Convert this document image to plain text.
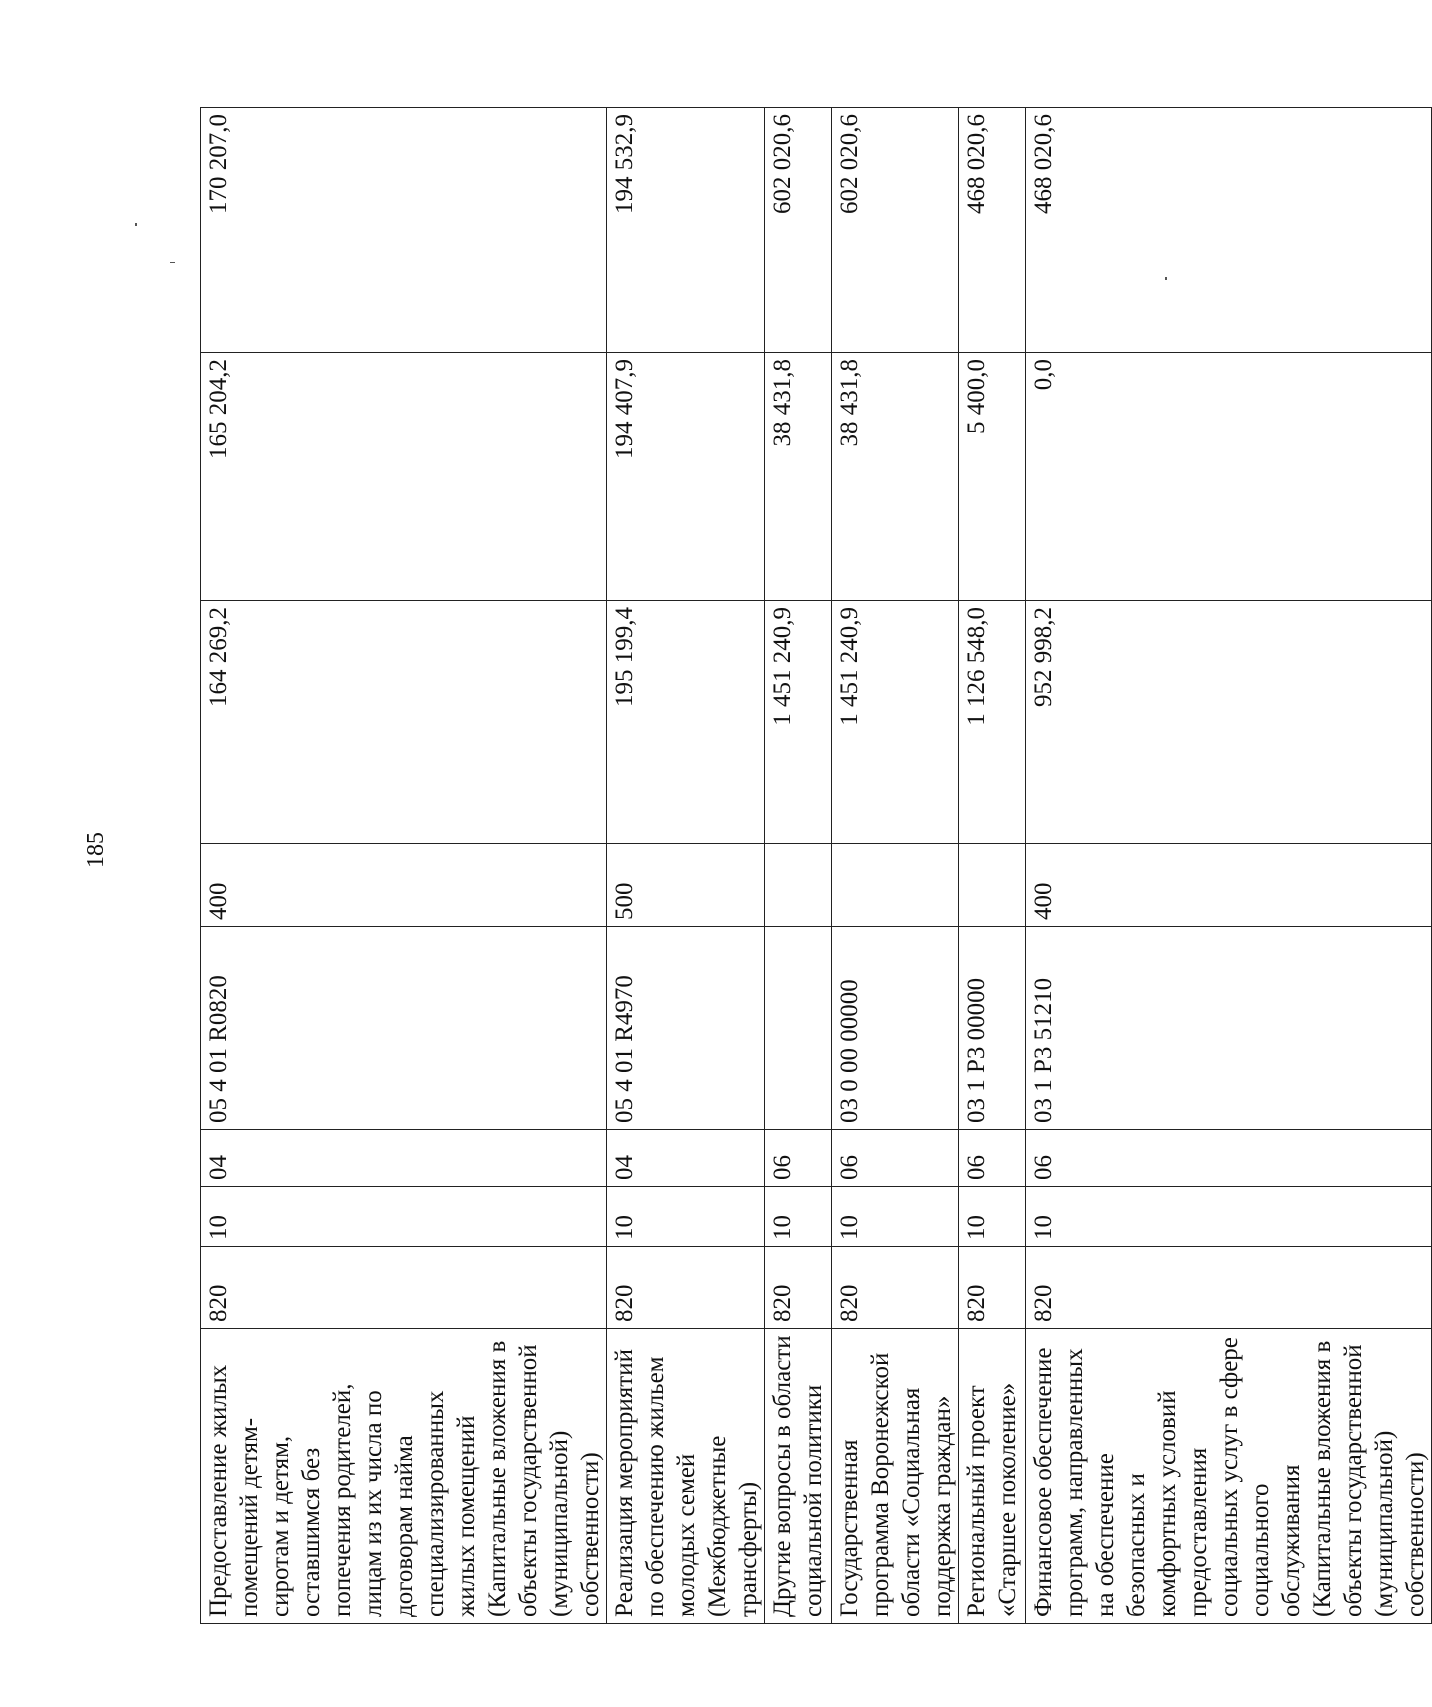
185
Предоставление жилых помещений детям-сиротам и детям, оставшимся без попечения родителей, лицам из их числа по договорам найма специализированных жилых помещений (Капитальные вложения в объекты государственной (муниципальной) собственности)	820	10	04	05 4 01 R0820	400	164 269,2	165 204,2	170 207,0
Реализация мероприятий по обеспечению жильем молодых семей (Межбюджетные трансферты)	820	10	04	05 4 01 R4970	500	195 199,4	194 407,9	194 532,9
Другие вопросы в области социальной политики	820	10	06			1 451 240,9	38 431,8	602 020,6
Государственная программа Воронежской области «Социальная поддержка граждан»	820	10	06	03 0 00 00000		1 451 240,9	38 431,8	602 020,6
Региональный проект «Старшее поколение»	820	10	06	03 1 P3 00000		1 126 548,0	5 400,0	468 020,6
Финансовое обеспечение программ, направленных на обеспечение безопасных и комфортных условий предоставления социальных услуг в сфере социального обслуживания (Капитальные вложения в объекты государственной (муниципальной) собственности)	820	10	06	03 1 P3 51210	400	952 998,2	0,0	468 020,6
